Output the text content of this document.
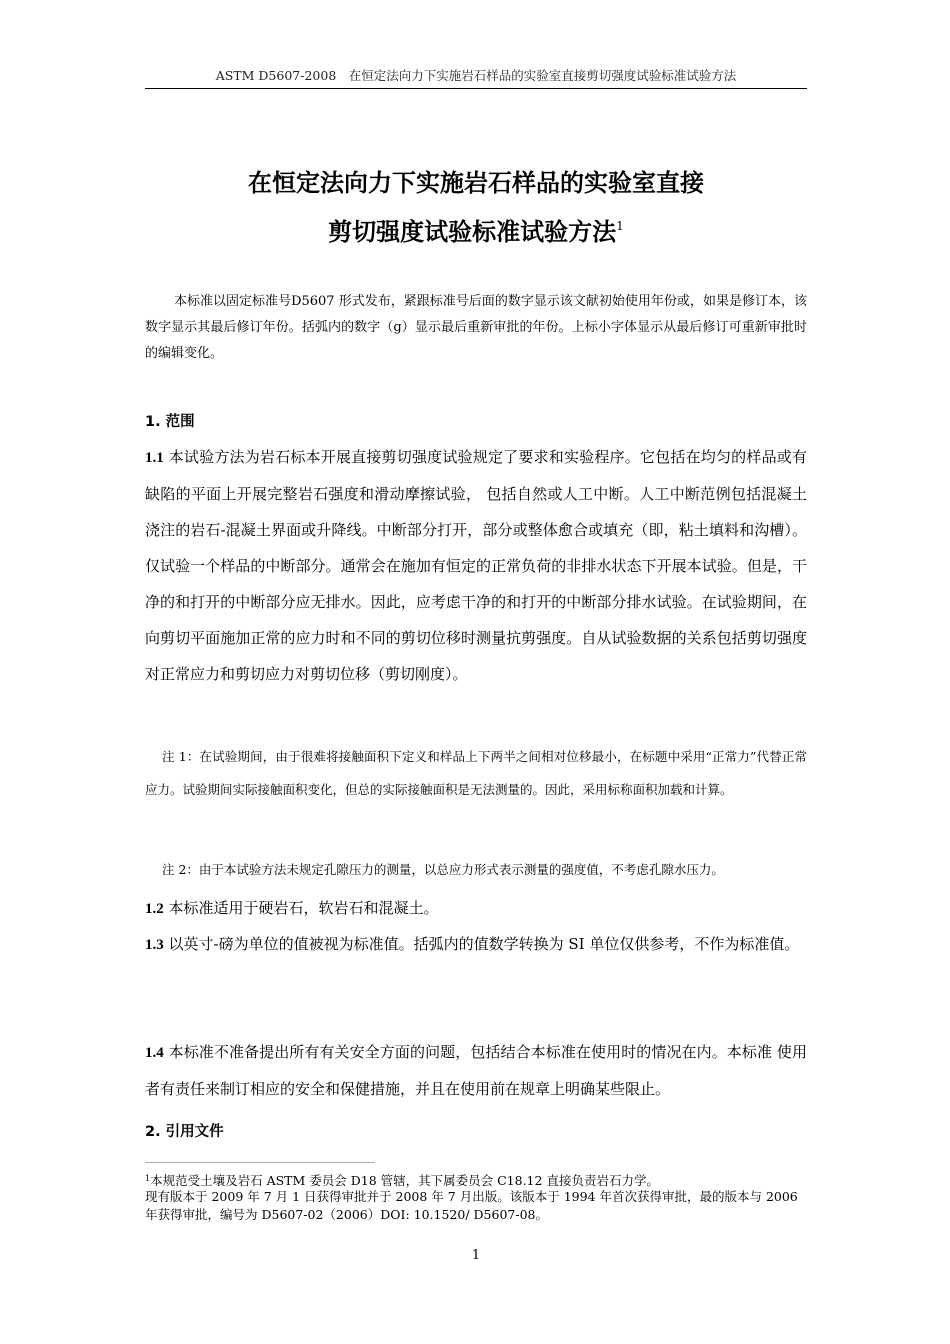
ASTM D5607-2008　在恒定法向力下实施岩石样品的实验室直接剪切强度试验标准试验方法
在恒定法向力下实施岩石样品的实验室直接
剪切强度试验标准试验方法$^1$
本标准以固定标准号D5607 形式发布，紧跟标准号后面的数字显示该文献初始使用年份或，如果是修订本，该数字显示其最后修订年份。括弧内的数字（g）显示最后重新审批的年份。上标小字体显示从最后修订可重新审批时的编辑变化。
1. 范围
1.1 本试验方法为岩石标本开展直接剪切强度试验规定了要求和实验程序。它包括在均匀的样品或有缺陷的平面上开展完整岩石强度和滑动摩擦试验， 包括自然或人工中断。人工中断范例包括混凝土浇注的岩石-混凝土界面或升降线。中断部分打开，部分或整体愈合或填充（即，粘土填料和沟槽）。仅试验一个样品的中断部分。通常会在施加有恒定的正常负荷的非排水状态下开展本试验。但是，干净的和打开的中断部分应无排水。因此，应考虑干净的和打开的中断部分排水试验。在试验期间，在向剪切平面施加正常的应力时和不同的剪切位移时测量抗剪强度。自从试验数据的关系包括剪切强度对正常应力和剪切应力对剪切位移（剪切刚度）。
注 1：在试验期间，由于很难将接触面积下定义和样品上下两半之间相对位移最小，在标题中采用“正常力”代替正常应力。试验期间实际接触面积变化，但总的实际接触面积是无法测量的。因此，采用标称面积加载和计算。
注 2：由于本试验方法未规定孔隙压力的测量，以总应力形式表示测量的强度值，不考虑孔隙水压力。
1.2 本标准适用于硬岩石，软岩石和混凝土。
1.3 以英寸-磅为单位的值被视为标准值。括弧内的值数学转换为 SI 单位仅供参考，不作为标准值。
1.4 本标准不准备提出所有有关安全方面的问题，包括结合本标准在使用时的情况在内。本标准 使用者有责任来制订相应的安全和保健措施，并且在使用前在规章上明确某些限止。
2. 引用文件
$^1$本规范受土壤及岩石 ASTM 委员会 D18 管辖，其下属委员会 C18.12 直接负责岩石力学。
现有版本于 2009 年 7 月 1 日获得审批并于 2008 年 7 月出版。该版本于 1994 年首次获得审批，最的版本与 2006 年获得审批，编号为 D5607-02（2006）DOI: 10.1520/ D5607-08。
1
